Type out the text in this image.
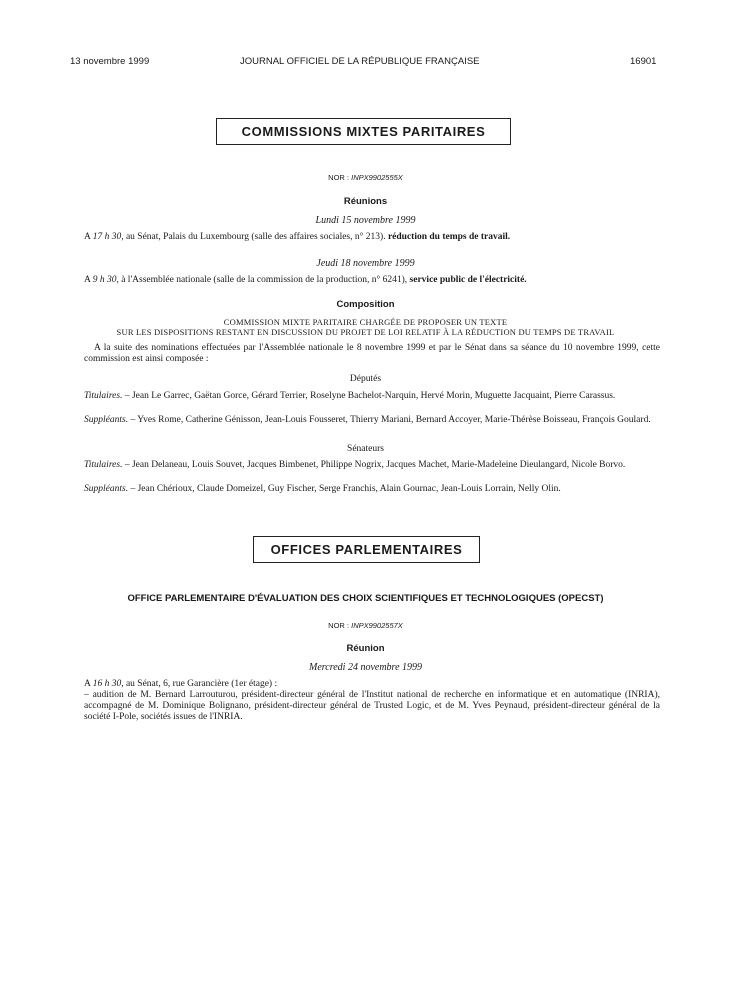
13 novembre 1999	JOURNAL OFFICIEL DE LA RÉPUBLIQUE FRANÇAISE	16901
COMMISSIONS MIXTES PARITAIRES
NOR : INPX9902555X
Réunions
Lundi 15 novembre 1999
A 17 h 30, au Sénat, Palais du Luxembourg (salle des affaires sociales, n° 213). réduction du temps de travail.
Jeudi 18 novembre 1999
A 9 h 30, à l'Assemblée nationale (salle de la commission de la production, n° 6241), service public de l'électricité.
Composition
COMMISSION MIXTE PARITAIRE CHARGÉE DE PROPOSER UN TEXTE
SUR LES DISPOSITIONS RESTANT EN DISCUSSION DU PROJET DE LOI RELATIF À LA RÉDUCTION DU TEMPS DE TRAVAIL
A la suite des nominations effectuées par l'Assemblée nationale le 8 novembre 1999 et par le Sénat dans sa séance du 10 novembre 1999, cette commission est ainsi composée :
Députés
Titulaires. – Jean Le Garrec, Gaëtan Gorce, Gérard Terrier, Roselyne Bachelot-Narquin, Hervé Morin, Muguette Jacquaint, Pierre Carassus.
Suppléants. – Yves Rome, Catherine Génisson, Jean-Louis Fousseret, Thierry Mariani, Bernard Accoyer, Marie-Thérèse Boisseau, François Goulard.
Sénateurs
Titulaires. – Jean Delaneau, Louis Souvet, Jacques Bimbenet, Philippe Nogrix, Jacques Machet, Marie-Madeleine Dieulangard, Nicole Borvo.
Suppléants. – Jean Chérioux, Claude Domeizel, Guy Fischer, Serge Franchis, Alain Gournac, Jean-Louis Lorrain, Nelly Olin.
OFFICES PARLEMENTAIRES
OFFICE PARLEMENTAIRE D'ÉVALUATION DES CHOIX SCIENTIFIQUES ET TECHNOLOGIQUES (OPECST)
NOR : INPX9902557X
Réunion
Mercredi 24 novembre 1999
A 16 h 30, au Sénat, 6, rue Garancière (1er étage) :
– audition de M. Bernard Larrouturou, président-directeur général de l'Institut national de recherche en informatique et en automatique (INRIA), accompagné de M. Dominique Bolignano, président-directeur général de Trusted Logic, et de M. Yves Peynaud, président-directeur général de la société I-Pole, sociétés issues de l'INRIA.
